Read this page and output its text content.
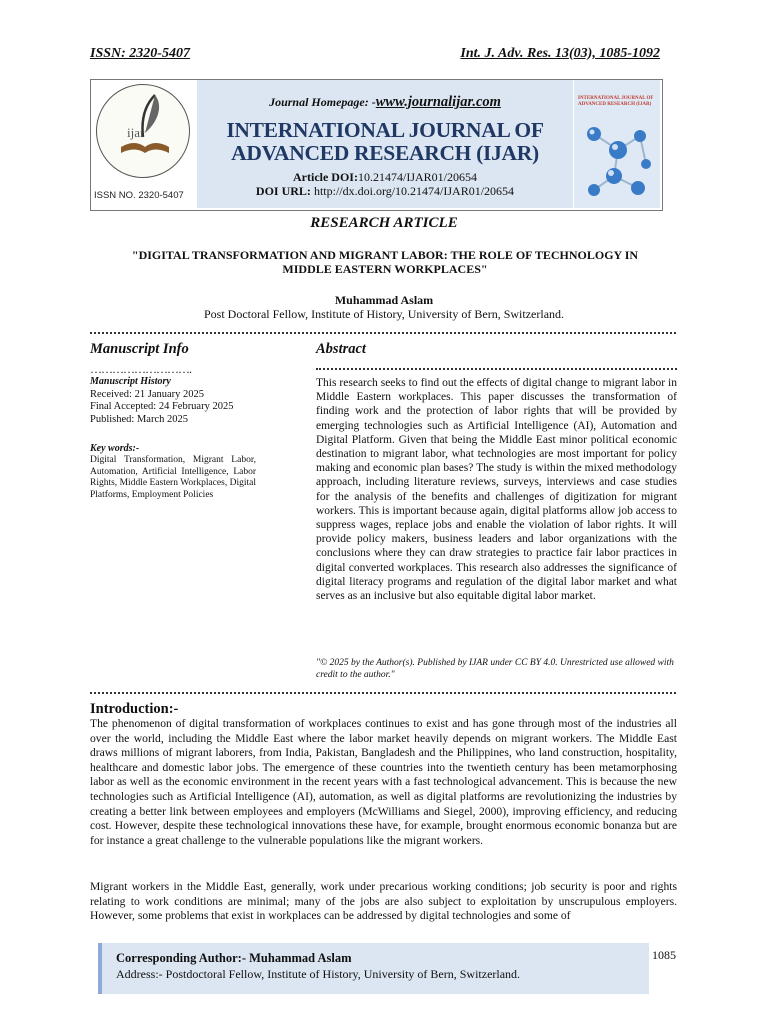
ISSN: 2320-5407	Int. J. Adv. Res. 13(03), 1085-1092
ijar
ISSN NO. 2320-5407
Journal Homepage: -www.journalijar.com
INTERNATIONAL JOURNAL OF
ADVANCED RESEARCH (IJAR)
Article DOI:10.21474/IJAR01/20654
DOI URL: http://dx.doi.org/10.21474/IJAR01/20654
INTERNATIONAL JOURNAL OF ADVANCED RESEARCH (IJAR)
RESEARCH ARTICLE
"DIGITAL TRANSFORMATION AND MIGRANT LABOR: THE ROLE OF TECHNOLOGY IN MIDDLE EASTERN WORKPLACES"
Muhammad Aslam
Post Doctoral Fellow, Institute of History, University of Bern, Switzerland.
Manuscript Info
……………………….
Manuscript History
Received: 21 January 2025
Final Accepted: 24 February 2025
Published: March 2025
Key words:-
Digital Transformation, Migrant Labor, Automation, Artificial Intelligence, Labor Rights, Middle Eastern Workplaces, Digital Platforms, Employment Policies
Abstract
This research seeks to find out the effects of digital change to migrant labor in Middle Eastern workplaces. This paper discusses the transformation of finding work and the protection of labor rights that will be provided by emerging technologies such as Artificial Intelligence (AI), Automation and Digital Platform. Given that being the Middle East minor political economic destination to migrant labor, what technologies are most important for policy making and economic plan bases? The study is within the mixed methodology approach, including literature reviews, surveys, interviews and case studies for the analysis of the benefits and challenges of digitization for migrant workers. This is important because again, digital platforms allow job access to suppress wages, replace jobs and enable the violation of labor rights. It will provide policy makers, business leaders and labor organizations with the conclusions where they can draw strategies to practice fair labor practices in digital converted workplaces. This research also addresses the significance of digital literacy programs and regulation of the digital labor market and what serves as an inclusive but also equitable digital labor market.
"© 2025 by the Author(s). Published by IJAR under CC BY 4.0. Unrestricted use allowed with credit to the author."
Introduction:-
The phenomenon of digital transformation of workplaces continues to exist and has gone through most of the industries all over the world, including the Middle East where the labor market heavily depends on migrant workers. The Middle East draws millions of migrant laborers, from India, Pakistan, Bangladesh and the Philippines, who land construction, hospitality, healthcare and domestic labor jobs. The emergence of these countries into the twentieth century has been metamorphosing labor as well as the economic environment in the recent years with a fast technological advancement. This is because the new technologies such as Artificial Intelligence (AI), automation, as well as digital platforms are revolutionizing the industries by creating a better link between employees and employers (McWilliams and Siegel, 2000), improving efficiency, and reducing cost. However, despite these technological innovations these have, for example, brought enormous economic bonanza but are for instance a great challenge to the vulnerable populations like the migrant workers.
Migrant workers in the Middle East, generally, work under precarious working conditions; job security is poor and rights relating to work conditions are minimal; many of the jobs are also subject to exploitation by unscrupulous employers. However, some problems that exist in workplaces can be addressed by digital technologies and some of
Corresponding Author:- Muhammad Aslam
Address:- Postdoctoral Fellow, Institute of History, University of Bern, Switzerland.
1085
